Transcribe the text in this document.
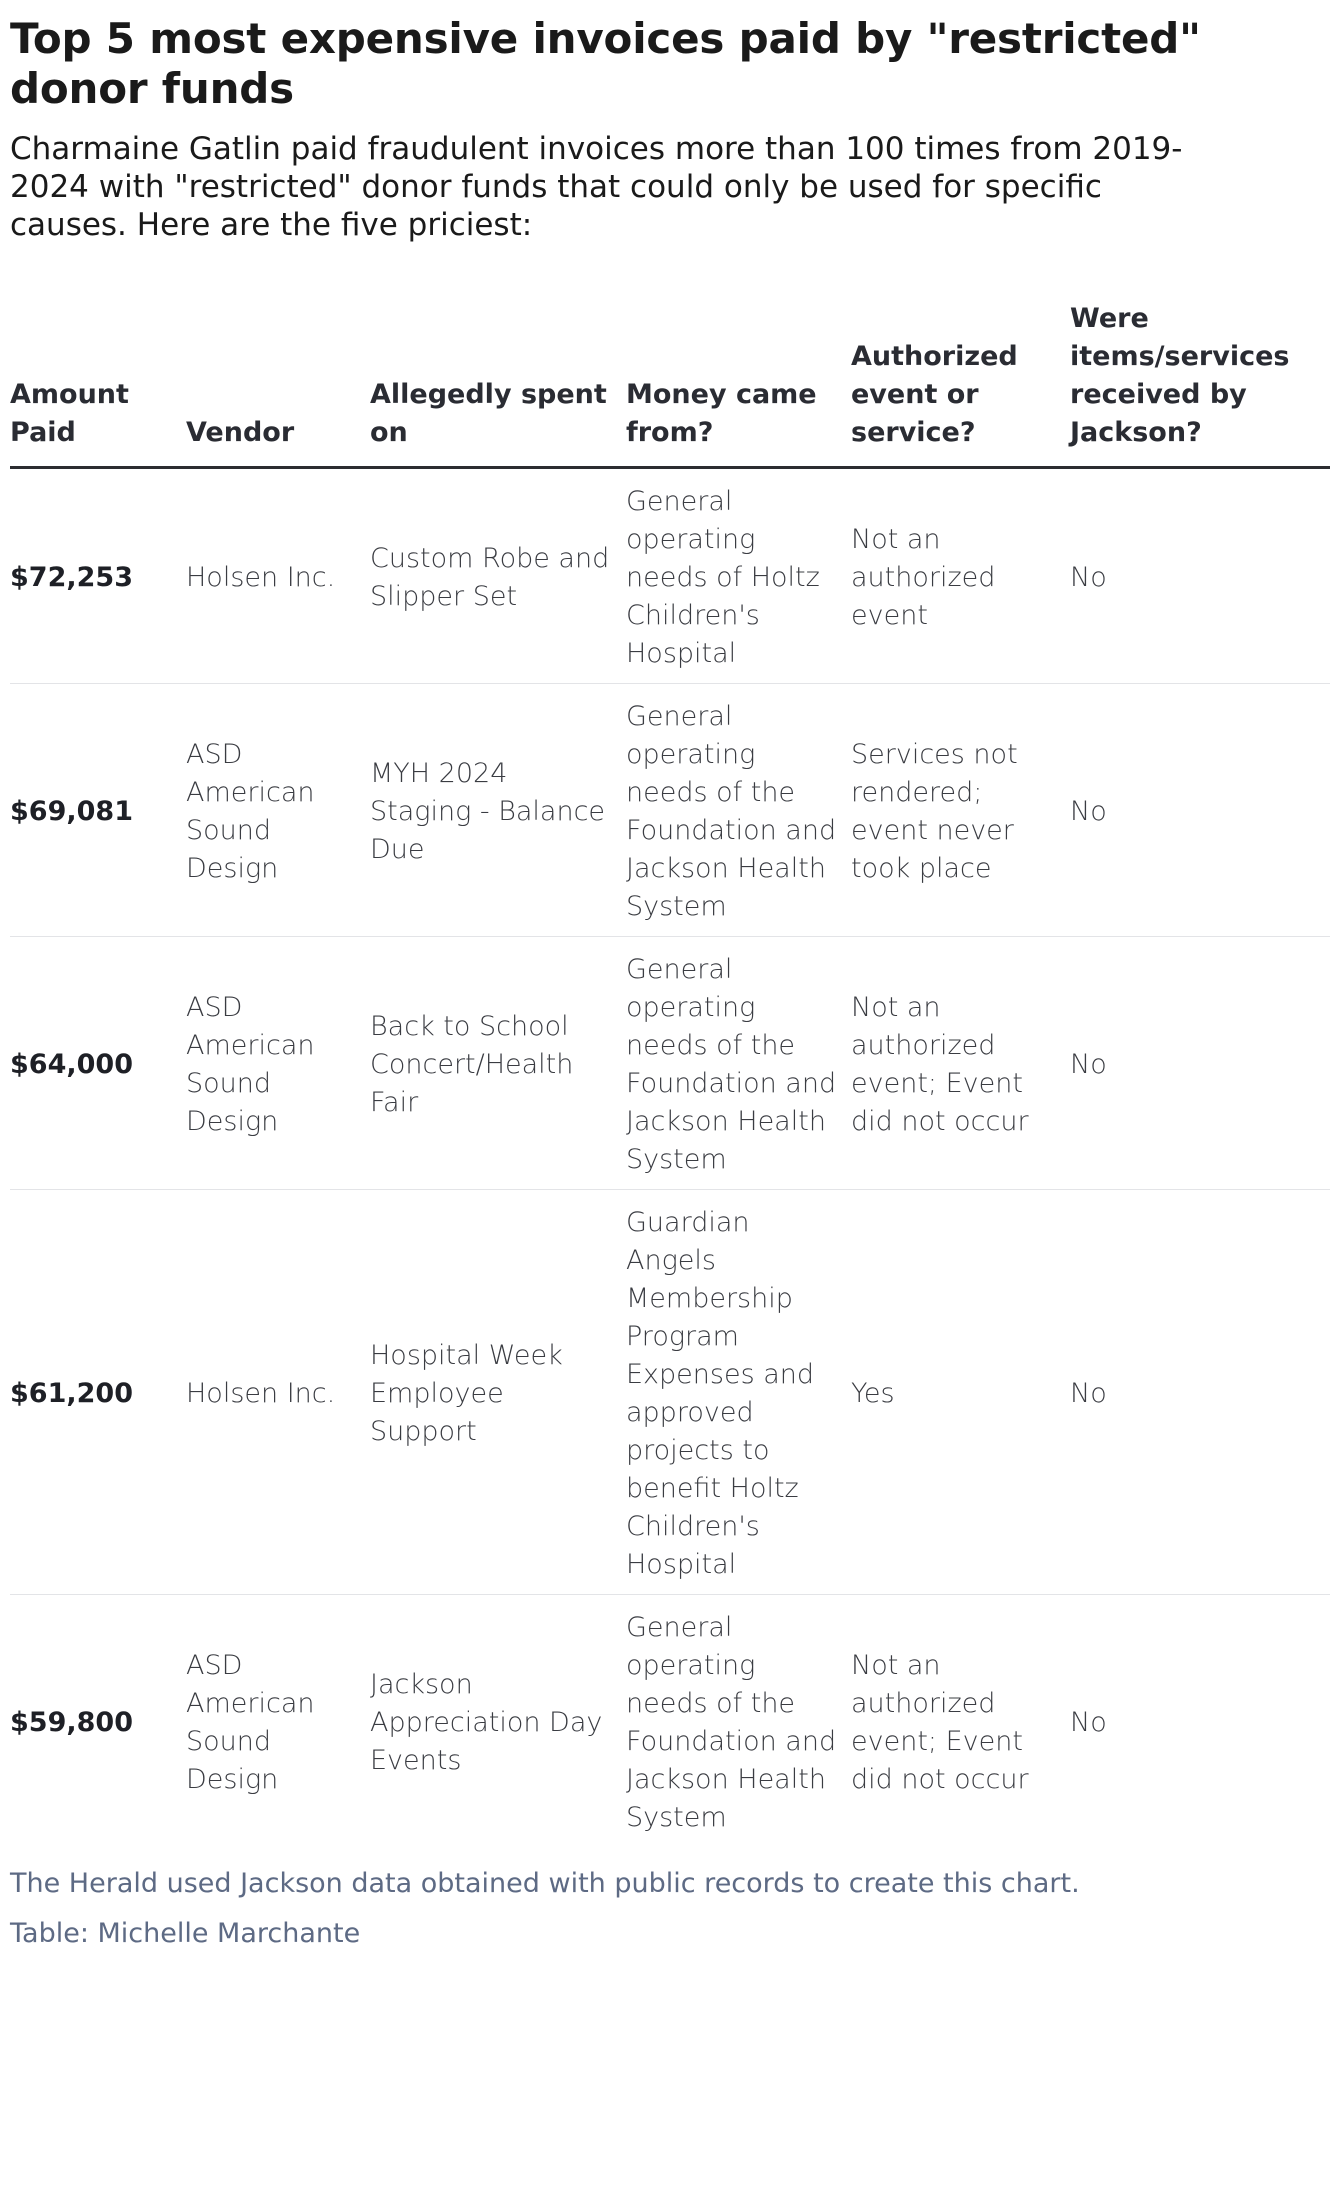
Top 5 most expensive invoices paid by "restricted" donor funds

Charmaine Gatlin paid fraudulent invoices more than 100 times from 2019-2024 with "restricted" donor funds that could only be used for specific causes. Here are the five priciest:

Amount Paid	Vendor	Allegedly spent on	Money came from?	Authorized event or service?	Were items/services received by Jackson?
$72,253	Holsen Inc.	Custom Robe and Slipper Set	General operating needs of Holtz Children's Hospital	Not an authorized event	No
$69,081	ASD American Sound Design	MYH 2024 Staging - Balance Due	General operating needs of the Foundation and Jackson Health System	Services not rendered; event never took place	No
$64,000	ASD American Sound Design	Back to School Concert/Health Fair	General operating needs of the Foundation and Jackson Health System	Not an authorized event; Event did not occur	No
$61,200	Holsen Inc.	Hospital Week Employee Support	Guardian Angels Membership Program Expenses and approved projects to benefit Holtz Children's Hospital	Yes	No
$59,800	ASD American Sound Design	Jackson Appreciation Day Events	General operating needs of the Foundation and Jackson Health System	Not an authorized event; Event did not occur	No
The Herald used Jackson data obtained with public records to create this chart.
Table: Michelle Marchante
